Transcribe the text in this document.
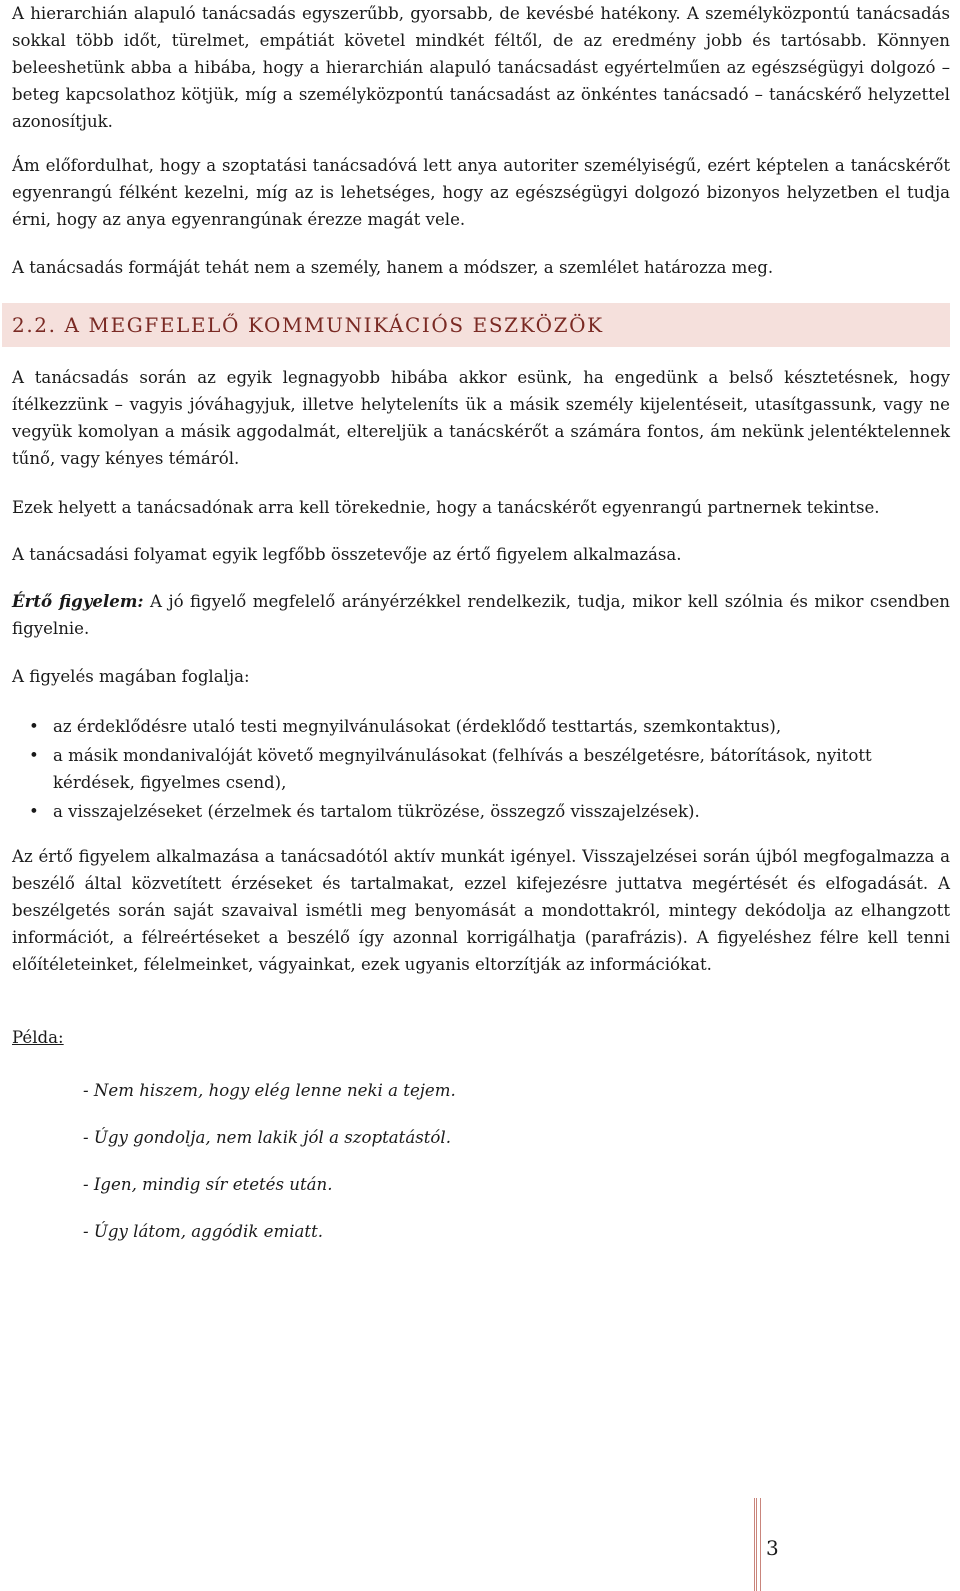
A hierarchián alapuló tanácsadás egyszerűbb, gyorsabb, de kevésbé hatékony. A személyközpontú tanácsadás sokkal több időt, türelmet, empátiát követel mindkét féltől, de az eredmény jobb és tartósabb. Könnyen beleeshetünk abba a hibába, hogy a hierarchián alapuló tanácsadást egyértelműen az egészségügyi dolgozó – beteg kapcsolathoz kötjük, míg a személyközpontú tanácsadást az önkéntes tanácsadó – tanácskérő helyzettel azonosítjuk.

Ám előfordulhat, hogy a szoptatási tanácsadóvá lett anya autoriter személyiségű, ezért képtelen a tanácskérőt egyenrangú félként kezelni, míg az is lehetséges, hogy az egészségügyi dolgozó bizonyos helyzetben el tudja érni, hogy az anya egyenrangúnak érezze magát vele.

A tanácsadás formáját tehát nem a személy, hanem a módszer, a szemlélet határozza meg.

2.2. A MEGFELELŐ KOMMUNIKÁCIÓS ESZKÖZÖK

A tanácsadás során az egyik legnagyobb hibába akkor esünk, ha engedünk a belső késztetésnek, hogy ítélkezzünk – vagyis jóváhagyjuk, illetve helyteleníts ük a másik személy kijelentéseit, utasítgassunk, vagy ne vegyük komolyan a másik aggodalmát, eltereljük a tanácskérőt a számára fontos, ám nekünk jelentéktelennek tűnő, vagy kényes témáról.

Ezek helyett a tanácsadónak arra kell törekednie, hogy a tanácskérőt egyenrangú partnernek tekintse.

A tanácsadási folyamat egyik legfőbb összetevője az értő figyelem alkalmazása.

Értő figyelem: A jó figyelő megfelelő arányérzékkel rendelkezik, tudja, mikor kell szólnia és mikor csendben figyelnie.

A figyelés magában foglalja:

• az érdeklődésre utaló testi megnyilvánulásokat (érdeklődő testtartás, szemkontaktus),
• a másik mondanivalóját követő megnyilvánulásokat (felhívás a beszélgetésre, bátorítások, nyitott kérdések, figyelmes csend),
• a visszajelzéseket (érzelmek és tartalom tükrözése, összegző visszajelzések).

Az értő figyelem alkalmazása a tanácsadótól aktív munkát igényel. Visszajelzései során újból megfogalmazza a beszélő által közvetített érzéseket és tartalmakat, ezzel kifejezésre juttatva megértését és elfogadását. A beszélgetés során saját szavaival ismétli meg benyomását a mondottakról, mintegy dekódolja az elhangzott információt, a félreértéseket a beszélő így azonnal korrigálhatja (parafrázis). A figyeléshez félre kell tenni előítéleteinket, félelmeinket, vágyainkat, ezek ugyanis eltorzítják az információkat.

Példa:

- Nem hiszem, hogy elég lenne neki a tejem.

- Úgy gondolja, nem lakik jól a szoptatástól.

- Igen, mindig sír etetés után.

- Úgy látom, aggódik emiatt.

3
